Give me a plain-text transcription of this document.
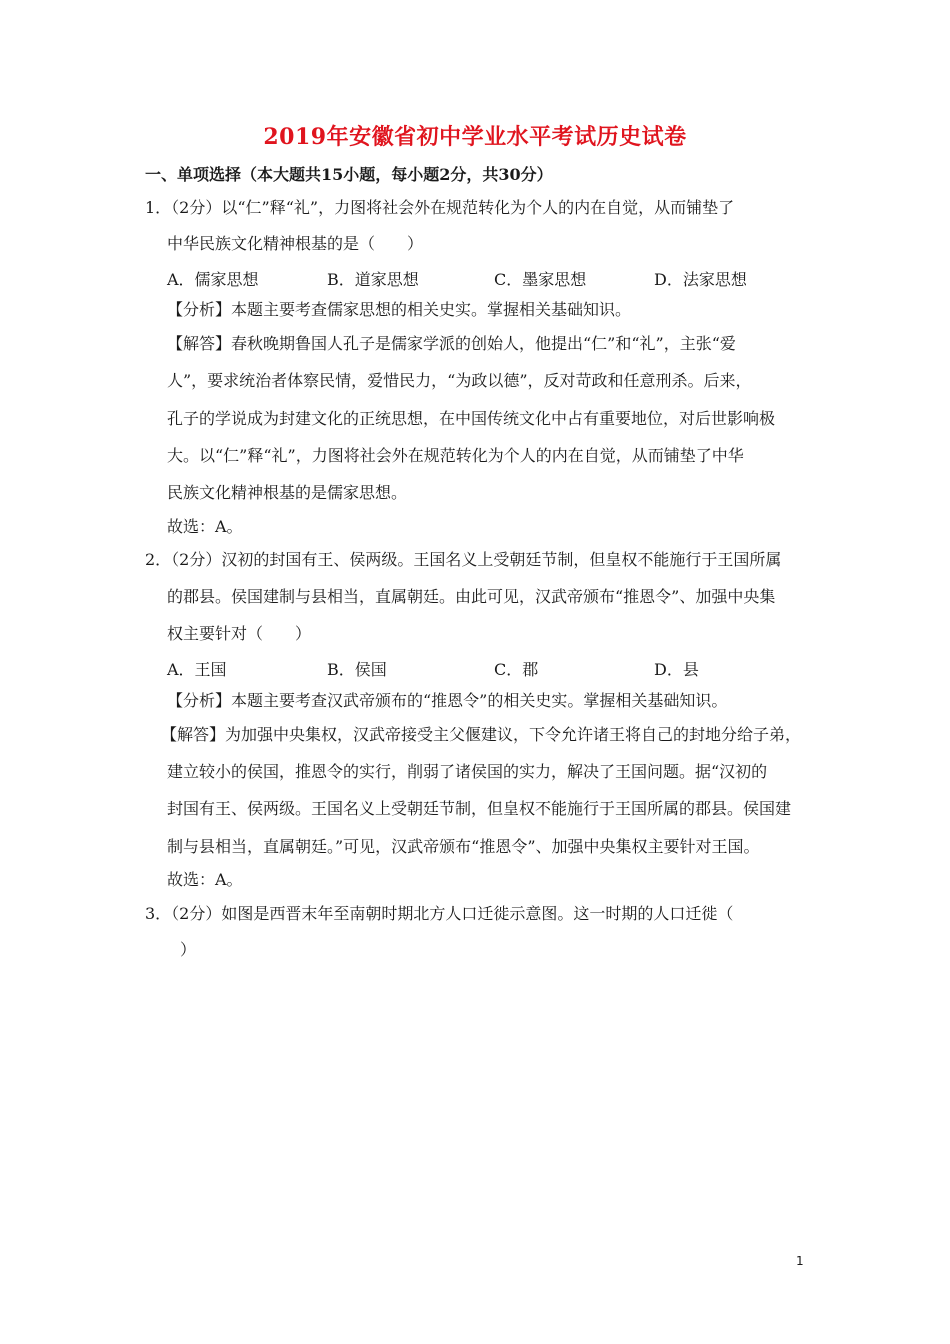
2019年安徽省初中学业水平考试历史试卷
一、单项选择（本大题共15小题，每小题2分，共30分）
1．（2分）以“仁”释“礼”，力图将社会外在规范转化为个人的内在自觉，从而铺垫了
中华民族文化精神根基的是（　　）
A．儒家思想	B．道家思想	C．墨家思想	D．法家思想
【分析】本题主要考查儒家思想的相关史实。掌握相关基础知识。
【解答】春秋晚期鲁国人孔子是儒家学派的创始人，他提出“仁”和“礼”，主张“爱
人”，要求统治者体察民情，爱惜民力，“为政以德”，反对苛政和任意刑杀。后来，
孔子的学说成为封建文化的正统思想，在中国传统文化中占有重要地位，对后世影响极
大。以“仁”释“礼”，力图将社会外在规范转化为个人的内在自觉，从而铺垫了中华
民族文化精神根基的是儒家思想。
故选：A。
2．（2分）汉初的封国有王、侯两级。王国名义上受朝廷节制，但皇权不能施行于王国所属
的郡县。侯国建制与县相当，直属朝廷。由此可见，汉武帝颁布“推恩令”、加强中央集
权主要针对（　　）
A．王国	B．侯国	C．郡	D．县
【分析】本题主要考查汉武帝颁布的“推恩令”的相关史实。掌握相关基础知识。
【解答】为加强中央集权，汉武帝接受主父偃建议，下令允许诸王将自己的封地分给子弟，
建立较小的侯国，推恩令的实行，削弱了诸侯国的实力，解决了王国问题。据“汉初的
封国有王、侯两级。王国名义上受朝廷节制，但皇权不能施行于王国所属的郡县。侯国建
制与县相当，直属朝廷。”可见，汉武帝颁布“推恩令”、加强中央集权主要针对王国。
故选：A。
3．（2分）如图是西晋末年至南朝时期北方人口迁徙示意图。这一时期的人口迁徙（
）
1
